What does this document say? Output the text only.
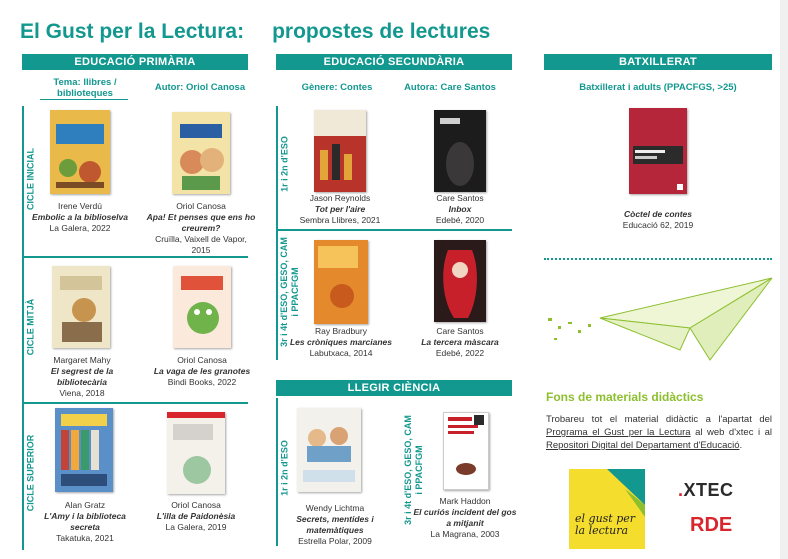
El Gust per la Lectura: propostes de lectures
EDUCACIÓ PRIMÀRIA
Tema: llibres / biblioteques
Autor: Oriol Canosa
CICLE INICIAL
CICLE MITJÀ
CICLE SUPERIOR
Irene Verdú
Embolic a la biblioselva
La Galera, 2022
Oriol Canosa
Apa! Et penses que ens ho creurem?
Cruïlla, Vaixell de Vapor, 2015
Margaret Mahy
El segrest de la bibliotecària
Viena, 2018
Oriol Canosa
La vaga de les granotes
Bindi Books, 2022
Alan Gratz
L'Amy i la biblioteca secreta
Takatuka, 2021
Oriol Canosa
L'illa de Paidonèsia
La Galera, 2019
EDUCACIÓ SECUNDÀRIA
Gènere: Contes	Autora: Care Santos
1r i 2n d'ESO
3r i 4t d'ESO, GESO, CAM i PPACFGM
Jason Reynolds
Tot per l'aire
Sembra Llibres, 2021
Care Santos
Inbox
Edebé, 2020
Ray Bradbury
Les cròniques marcianes
Labutxaca, 2014
Care Santos
La tercera màscara
Edebé, 2022
LLEGIR CIÈNCIA
1r i 2n d'ESO	3r i 4t d'ESO, GESO, CAM i PPACFGM
Wendy Lichtma
Secrets, mentides i matemàtiques
Estrella Polar, 2009
Mark Haddon
El curiós incident del gos a mitjanit
La Magrana, 2003
BATXILLERAT
Batxillerat i adults (PPACFGS, >25)
Còctel de contes
Educació 62, 2019
Fons de materials didàctics
Trobareu tot el material didàctic a l'apartat del Programa el Gust per la Lectura al web d'xtec i al Repositori Digital del Departament d'Educació.
el gust per la lectura
.XTEC
RDE
